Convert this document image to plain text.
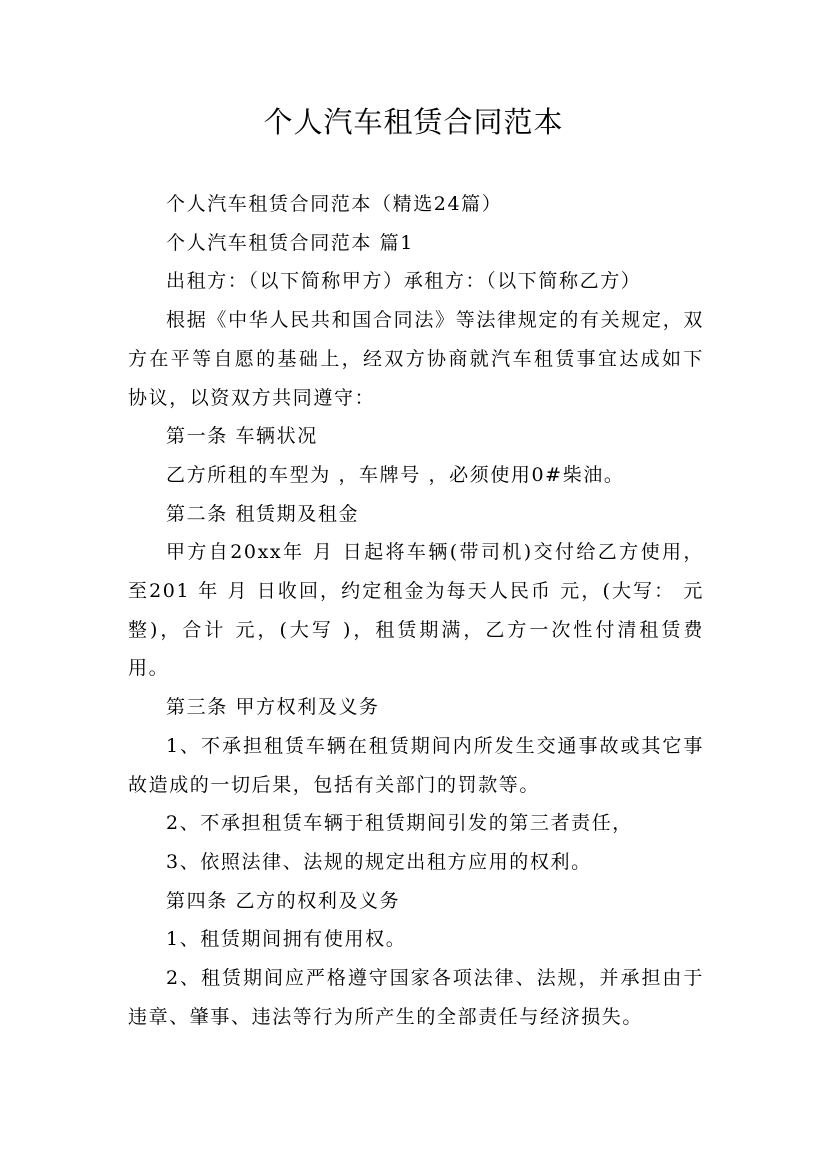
个人汽车租赁合同范本

个人汽车租赁合同范本（精选24篇）

个人汽车租赁合同范本 篇1

出租方：（以下简称甲方）承租方：（以下简称乙方）

根据《中华人民共和国合同法》等法律规定的有关规定，双方在平等自愿的基础上，经双方协商就汽车租赁事宜达成如下协议，以资双方共同遵守：

第一条 车辆状况

乙方所租的车型为 ，车牌号 ，必须使用0#柴油。

第二条 租赁期及租金

甲方自20xx年 月 日起将车辆(带司机)交付给乙方使用，至201 年 月 日收回，约定租金为每天人民币 元，(大写： 元整)，合计 元，(大写 )，租赁期满，乙方一次性付清租赁费用。

第三条 甲方权利及义务

1、不承担租赁车辆在租赁期间内所发生交通事故或其它事故造成的一切后果，包括有关部门的罚款等。

2、不承担租赁车辆于租赁期间引发的第三者责任，

3、依照法律、法规的规定出租方应用的权利。

第四条 乙方的权利及义务

1、租赁期间拥有使用权。

2、租赁期间应严格遵守国家各项法律、法规，并承担由于违章、肇事、违法等行为所产生的全部责任与经济损失。
